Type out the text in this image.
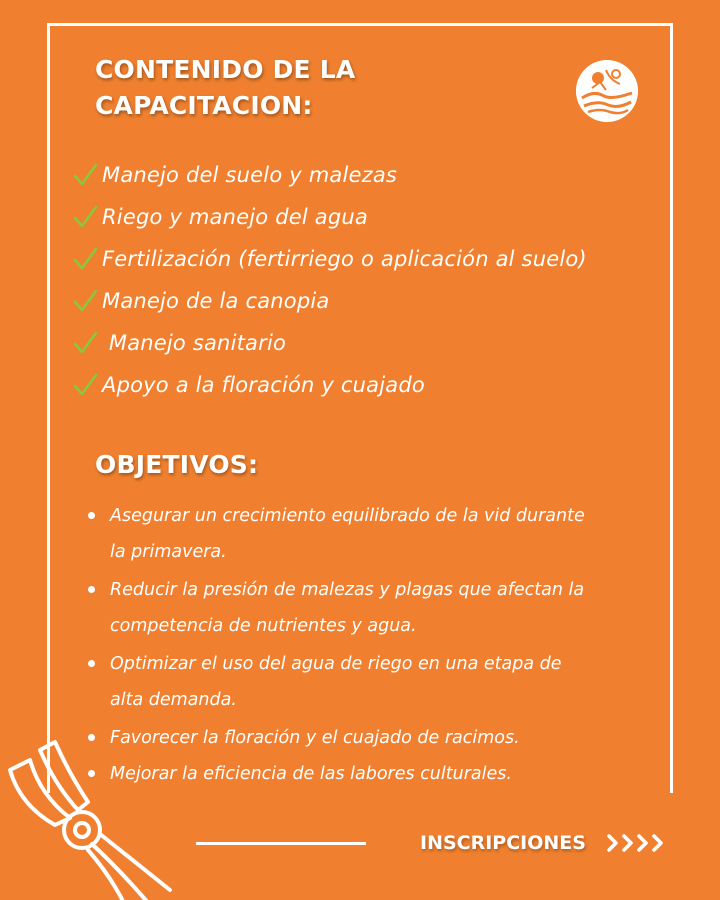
CONTENIDO DE LA CAPACITACION:
Manejo del suelo y malezas
Riego y manejo del agua
Fertilización (fertirriego o aplicación al suelo)
Manejo de la canopia
Manejo sanitario
Apoyo a la floración y cuajado
OBJETIVOS:
Asegurar un crecimiento equilibrado de la vid durante
la primavera.
Reducir la presión de malezas y plagas que afectan la
competencia de nutrientes y agua.
Optimizar el uso del agua de riego en una etapa de
alta demanda.
Favorecer la floración y el cuajado de racimos.
Mejorar la eficiencia de las labores culturales.
INSCRIPCIONES
